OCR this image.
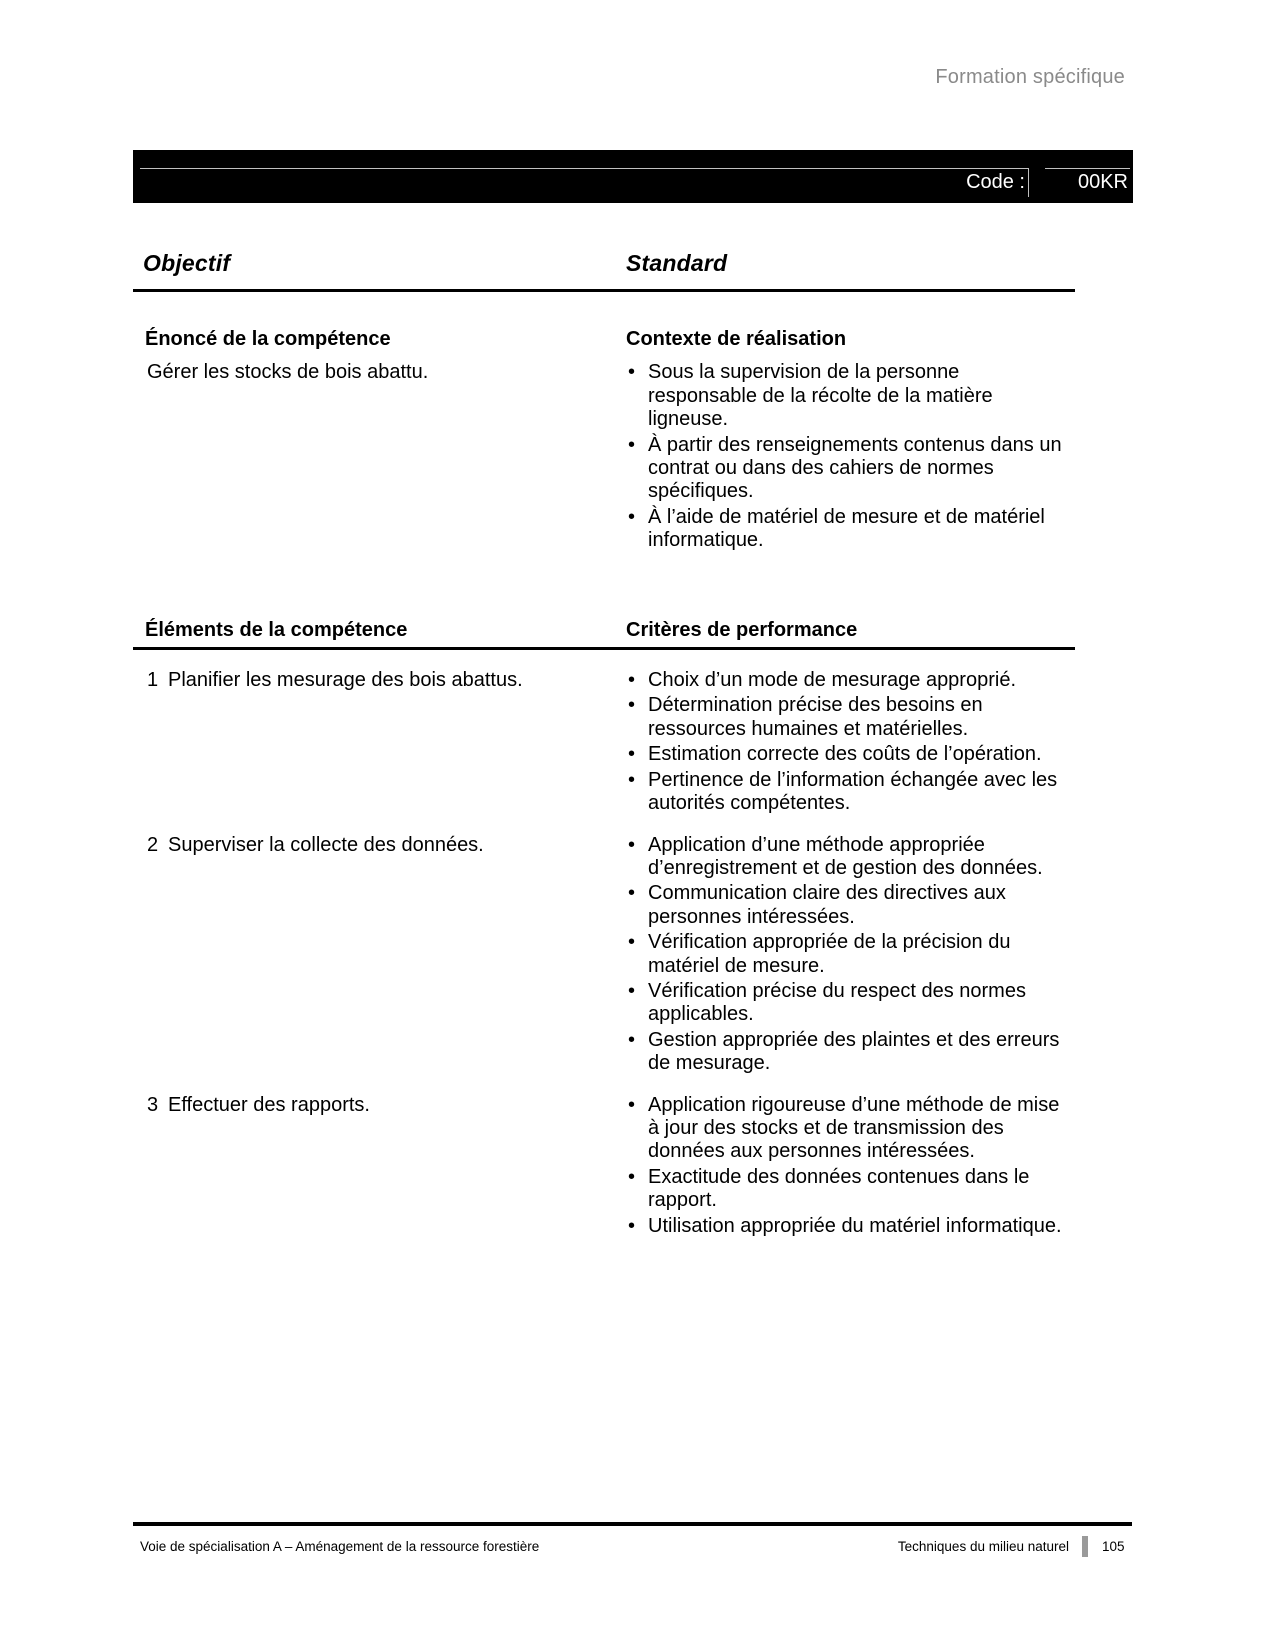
Formation spécifique
Code :	00KR
Objectif	Standard
Énoncé de la compétence	Contexte de réalisation
Gérer les stocks de bois abattu.	• Sous la supervision de la personne responsable de la récolte de la matière ligneuse.
• À partir des renseignements contenus dans un contrat ou dans des cahiers de normes spécifiques.
• À l’aide de matériel de mesure et de matériel informatique.
Éléments de la compétence	Critères de performance
1 Planifier les mesurage des bois abattus.	• Choix d’un mode de mesurage approprié.
• Détermination précise des besoins en ressources humaines et matérielles.
• Estimation correcte des coûts de l’opération.
• Pertinence de l’information échangée avec les autorités compétentes.
2 Superviser la collecte des données.	• Application d’une méthode appropriée d’enregistrement et de gestion des données.
• Communication claire des directives aux personnes intéressées.
• Vérification appropriée de la précision du matériel de mesure.
• Vérification précise du respect des normes applicables.
• Gestion appropriée des plaintes et des erreurs de mesurage.
3 Effectuer des rapports.	• Application rigoureuse d’une méthode de mise à jour des stocks et de transmission des données aux personnes intéressées.
• Exactitude des données contenues dans le rapport.
• Utilisation appropriée du matériel informatique.
Voie de spécialisation A – Aménagement de la ressource forestière	Techniques du milieu naturel 105
